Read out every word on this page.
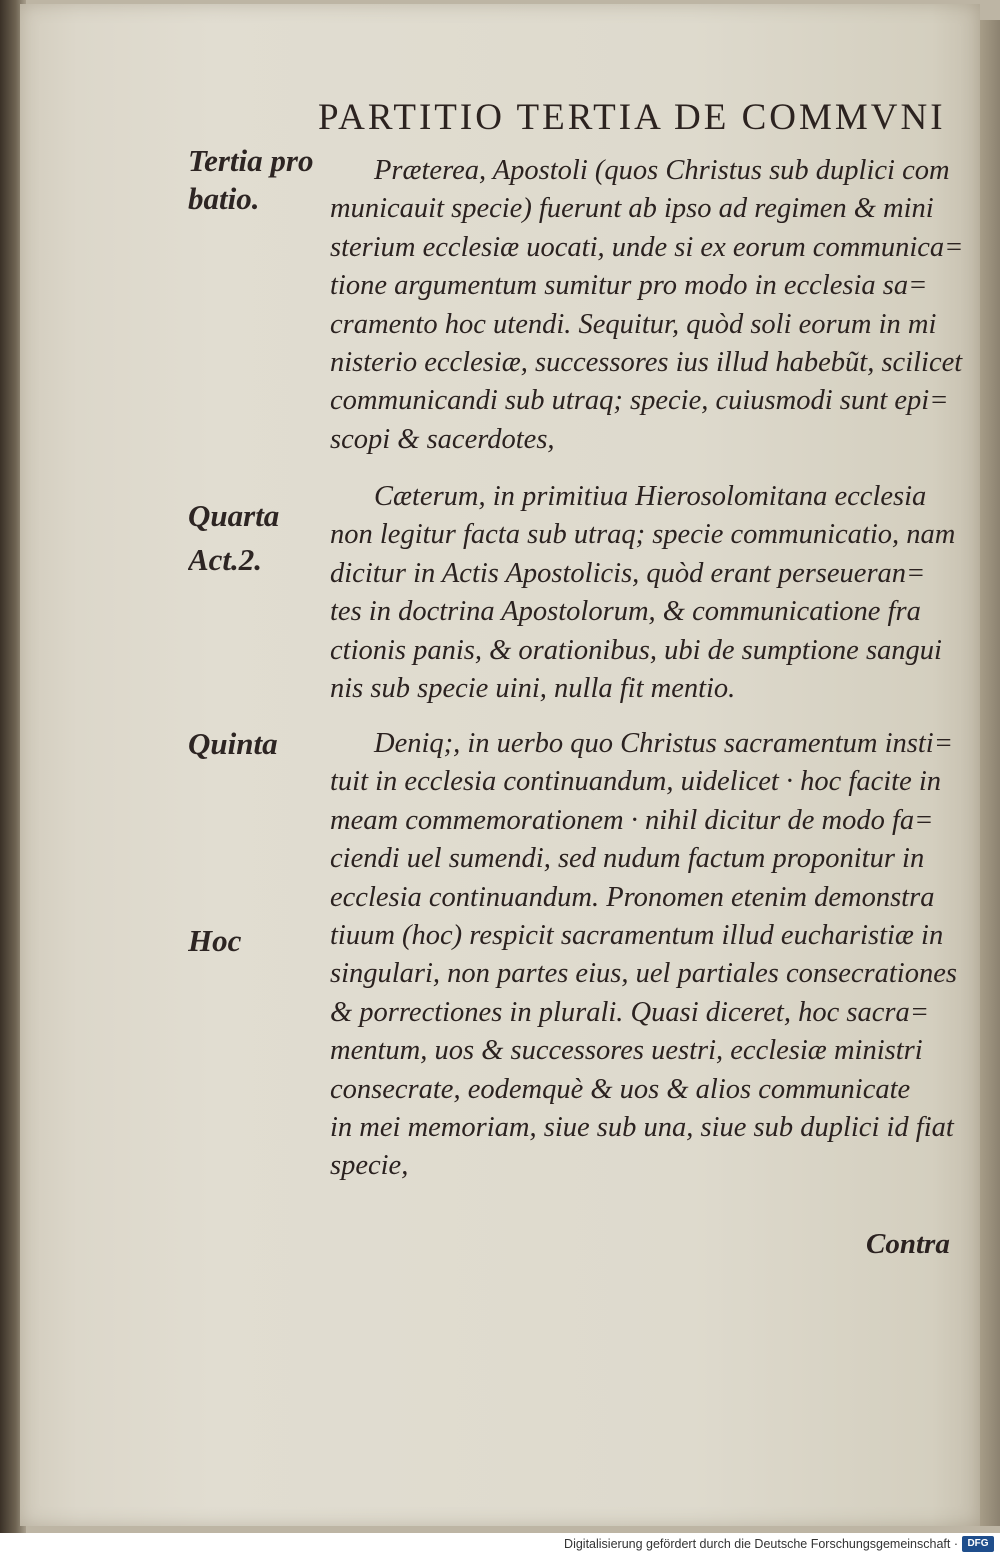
PARTITIO TERTIA DE COMMVNI
Tertia pro
batio.
Quarta
Act.2.
Quinta
Hoc
Præterea, Apostoli (quos Christus sub duplici com
municauit specie) fuerunt ab ipso ad regimen & mini
sterium ecclesiæ uocati, unde si ex eorum communica=
tione argumentum sumitur pro modo in ecclesia sa=
cramento hoc utendi. Sequitur, quòd soli eorum in mi
nisterio ecclesiæ, successores ius illud habebũt, scilicet
communicandi sub utraq; specie, cuiusmodi sunt epi=
scopi & sacerdotes,
Cæterum, in primitiua Hierosolomitana ecclesia
non legitur facta sub utraq; specie communicatio, nam
dicitur in Actis Apostolicis, quòd erant perseueran=
tes in doctrina Apostolorum, & communicatione fra
ctionis panis, & orationibus, ubi de sumptione sangui
nis sub specie uini, nulla fit mentio.
Deniq;, in uerbo quo Christus sacramentum insti=
tuit in ecclesia continuandum, uidelicet · hoc facite in
meam commemorationem · nihil dicitur de modo fa=
ciendi uel sumendi, sed nudum factum proponitur in
ecclesia continuandum. Pronomen etenim demonstra
tiuum (hoc) respicit sacramentum illud eucharistiæ in
singulari, non partes eius, uel partiales consecrationes
& porrectiones in plurali. Quasi diceret, hoc sacra=
mentum, uos & successores uestri, ecclesiæ ministri
consecrate, eodemquè & uos & alios communicate
in mei memoriam, siue sub una, siue sub duplici id fiat
specie,
Contra
Digitalisierung gefördert durch die Deutsche Forschungsgemeinschaft · DFG
